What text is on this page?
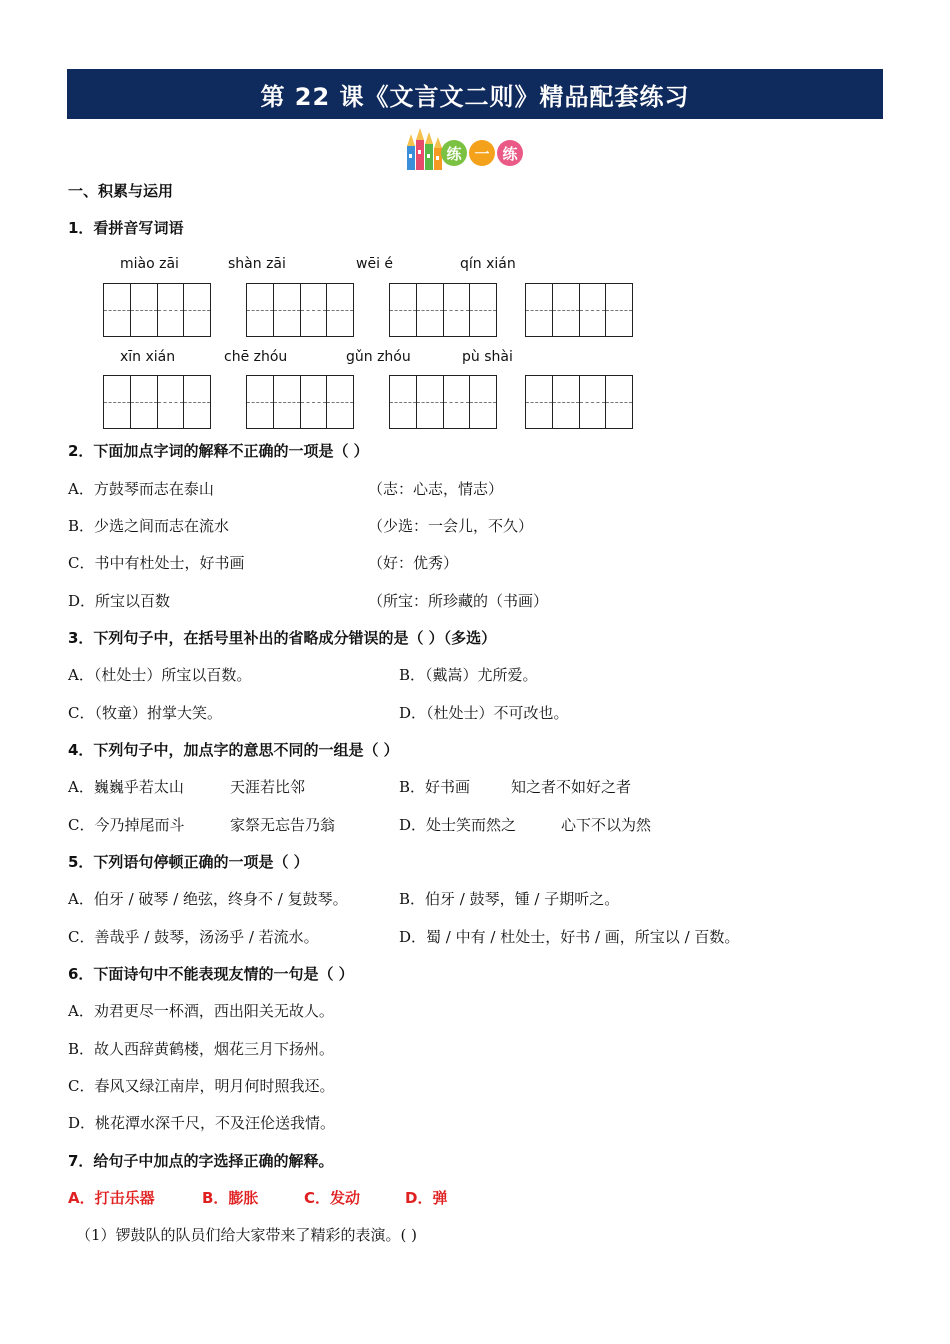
第 22 课《文言文二则》精品配套练习
练 一 练
一、积累与运用
1．看拼音写词语
miào zāi	shàn zāi	wēi é	qín xián
xīn xián	chē zhóu	gǔn zhóu	pù shài
2．下面加点字词的解释不正确的一项是（ ）
A．方鼓琴而志在泰山	（志：心志，情志）
B．少选之间而志在流水	（少选：一会儿，不久）
C．书中有杜处士，好书画	（好：优秀）
D．所宝以百数	（所宝：所珍藏的（书画）
3．下列句子中，在括号里补出的省略成分错误的是（ ）（多选）
A．（杜处士）所宝以百数。	B．（戴嵩）尤所爱。
C．（牧童）拊掌大笑。	D．（杜处士）不可改也。
4．下列句子中，加点字的意思不同的一组是（ ）
A．巍巍乎若太山	天涯若比邻	B．好书画	知之者不如好之者
C．今乃掉尾而斗	家祭无忘告乃翁	D．处士笑而然之	心下不以为然
5．下列语句停顿正确的一项是（ ）
A．伯牙 / 破琴 / 绝弦，终身不 / 复鼓琴。	B．伯牙 / 鼓琴，锺 / 子期听之。
C．善哉乎 / 鼓琴，汤汤乎 / 若流水。	D．蜀 / 中有 / 杜处士，好书 / 画，所宝以 / 百数。
6．下面诗句中不能表现友情的一句是（ ）
A．劝君更尽一杯酒，西出阳关无故人。
B．故人西辞黄鹤楼，烟花三月下扬州。
C．春风又绿江南岸，明月何时照我还。
D．桃花潭水深千尺，不及汪伦送我情。
7．给句子中加点的字选择正确的解释。
A．打击乐器	B．膨胀	C．发动	D．弹
（1）锣鼓队的队员们给大家带来了精彩的表演。( )
